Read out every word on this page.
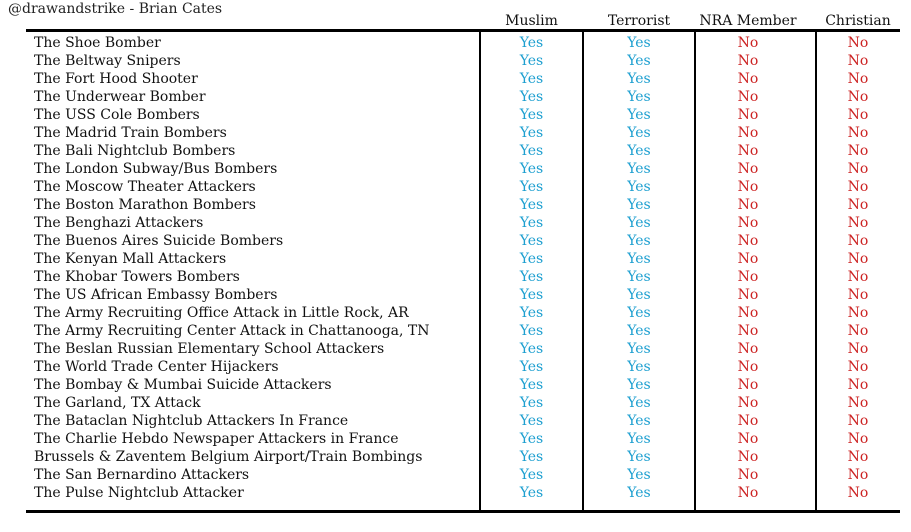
@drawandstrike - Brian Cates
Muslim	Terrorist	NRA Member	Christian
The Shoe Bomber	Yes	Yes	No	No
The Beltway Snipers	Yes	Yes	No	No
The Fort Hood Shooter	Yes	Yes	No	No
The Underwear Bomber	Yes	Yes	No	No
The USS Cole Bombers	Yes	Yes	No	No
The Madrid Train Bombers	Yes	Yes	No	No
The Bali Nightclub Bombers	Yes	Yes	No	No
The London Subway/Bus Bombers	Yes	Yes	No	No
The Moscow Theater Attackers	Yes	Yes	No	No
The Boston Marathon Bombers	Yes	Yes	No	No
The Benghazi Attackers	Yes	Yes	No	No
The Buenos Aires Suicide Bombers	Yes	Yes	No	No
The Kenyan Mall Attackers	Yes	Yes	No	No
The Khobar Towers Bombers	Yes	Yes	No	No
The US African Embassy Bombers	Yes	Yes	No	No
The Army Recruiting Office Attack in Little Rock, AR	Yes	Yes	No	No
The Army Recruiting Center Attack in Chattanooga, TN	Yes	Yes	No	No
The Beslan Russian Elementary School Attackers	Yes	Yes	No	No
The World Trade Center Hijackers	Yes	Yes	No	No
The Bombay & Mumbai Suicide Attackers	Yes	Yes	No	No
The Garland, TX Attack	Yes	Yes	No	No
The Bataclan Nightclub Attackers In France	Yes	Yes	No	No
The Charlie Hebdo Newspaper Attackers in France	Yes	Yes	No	No
Brussels & Zaventem Belgium Airport/Train Bombings	Yes	Yes	No	No
The San Bernardino Attackers	Yes	Yes	No	No
The Pulse Nightclub Attacker	Yes	Yes	No	No
